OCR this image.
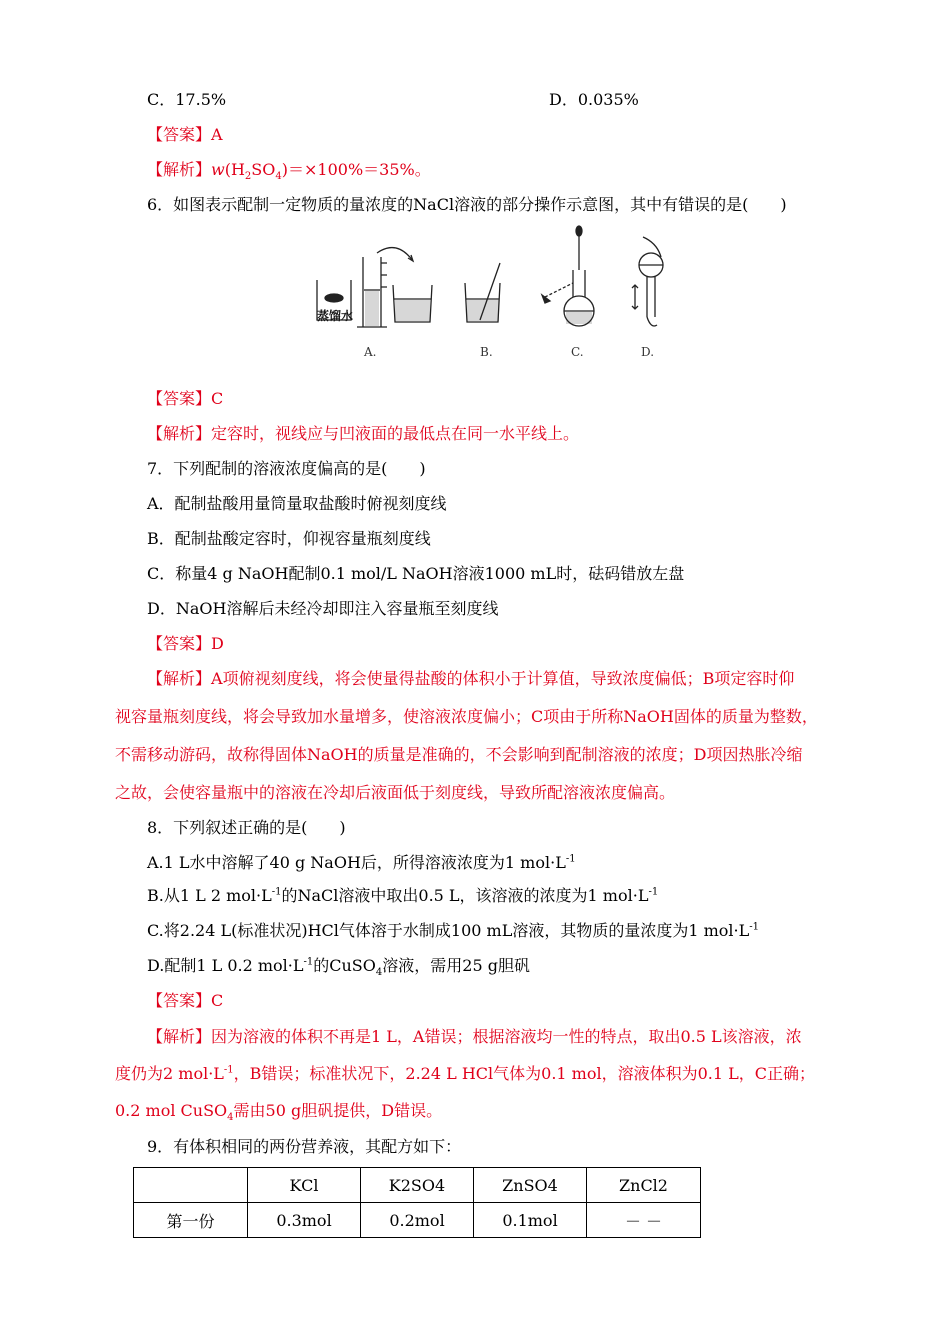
C．17.5%	D．0.035%
【答案】A
【解析】$w(H_2SO_4)=\times 100\%=35\%$。
6．如图表示配制一定物质的量浓度的NaCl溶液的部分操作示意图，其中有错误的是(　　)
蒸馏水
A.	B.	C.	D.
【答案】C
【解析】定容时，视线应与凹液面的最低点在同一水平线上。
7．下列配制的溶液浓度偏高的是(　　)
A．配制盐酸用量筒量取盐酸时俯视刻度线
B．配制盐酸定容时，仰视容量瓶刻度线
C．称量4 g NaOH配制0.1 mol/L NaOH溶液1000 mL时，砝码错放左盘
D．NaOH溶解后未经冷却即注入容量瓶至刻度线
【答案】D
【解析】A项俯视刻度线，将会使量得盐酸的体积小于计算值，导致浓度偏低；B项定容时仰
视容量瓶刻度线，将会导致加水量增多，使溶液浓度偏小；C项由于所称NaOH固体的质量为整数，
不需移动游码，故称得固体NaOH的质量是准确的，不会影响到配制溶液的浓度；D项因热胀冷缩
之故，会使容量瓶中的溶液在冷却后液面低于刻度线，导致所配溶液浓度偏高。
8．下列叙述正确的是(　　)
A.1 L水中溶解了40 g NaOH后，所得溶液浓度为1 $mol\cdot L^{-1}$
B.从1 L 2 $mol\cdot L^{-1}$的NaCl溶液中取出0.5 L，该溶液的浓度为1 $mol\cdot L^{-1}$
C.将2.24 L(标准状况)HCl气体溶于水制成100 mL溶液，其物质的量浓度为1 $mol\cdot L^{-1}$
D.配制1 L 0.2 $mol\cdot L^{-1}$的CuSO$_4$溶液，需用25 g胆矾
【答案】C
【解析】因为溶液的体积不再是1 L，A错误；根据溶液均一性的特点，取出0.5 L该溶液，浓
度仍为2 $mol\cdot L^{-1}$，B错误；标准状况下，2.24 L HCl气体为0.1 mol，溶液体积为0.1 L，C正确；
0.2 mol CuSO$_4$需由50 g胆矾提供，D错误。
9．有体积相同的两份营养液，其配方如下：
	KCl	K2SO4	ZnSO4	ZnCl2
第一份	0.3mol	0.2mol	0.1mol	－ －
